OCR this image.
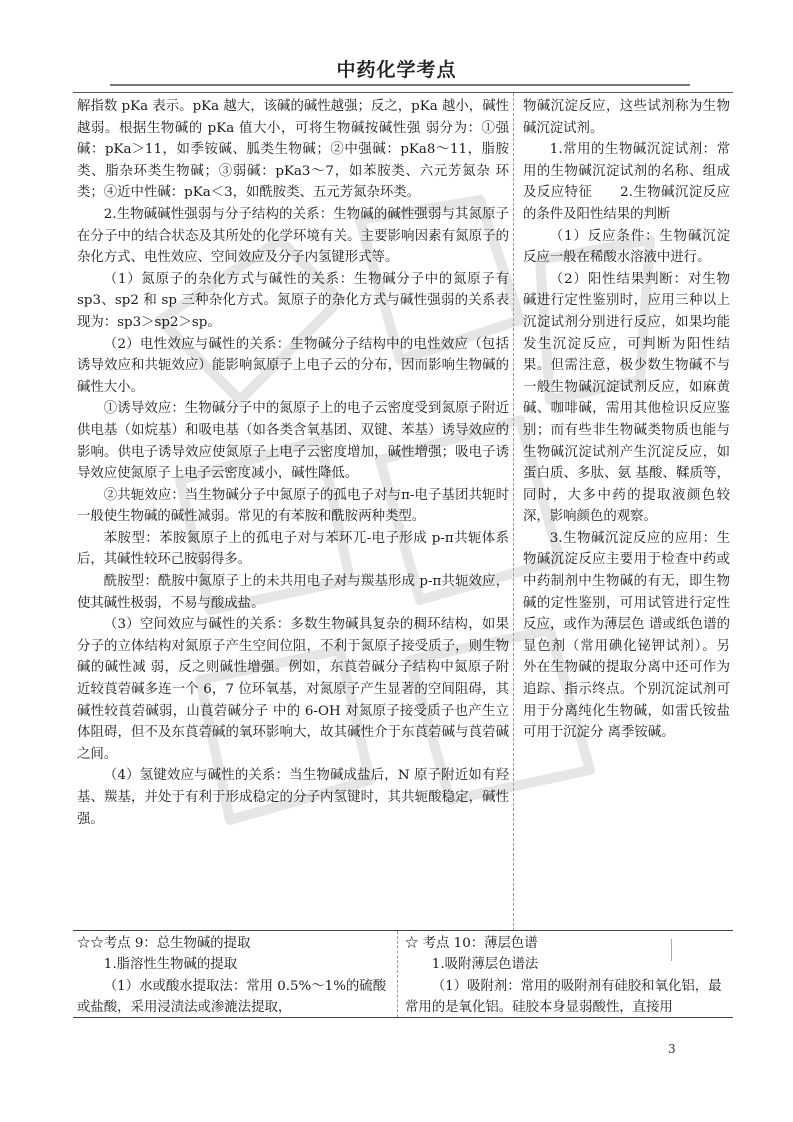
中药化学考点

解指数 pKa 表示。pKa 越大，该碱的碱性越强；反之，pKa 越小，碱性越弱。根据生物碱的 pKa 值大小，可将生物碱按碱性强 弱分为：①强碱：pKa＞11，如季铵碱、胍类生物碱；②中强碱：pKa8～11，脂胺类、脂杂环类生物碱；③弱碱：pKa3～7，如苯胺类、六元芳氮杂 环类；④近中性碱：pKa＜3，如酰胺类、五元芳氮杂环类。

2.生物碱碱性强弱与分子结构的关系：生物碱的碱性强弱与其氮原子在分子中的结合状态及其所处的化学环境有关。主要影响因素有氮原子的杂化方式、电性效应、空间效应及分子内氢键形式等。

（1）氮原子的杂化方式与碱性的关系：生物碱分子中的氮原子有 sp3、sp2 和 sp 三种杂化方式。氮原子的杂化方式与碱性强弱的关系表现为：sp3＞sp2＞sp。

（2）电性效应与碱性的关系：生物碱分子结构中的电性效应（包括诱导效应和共轭效应）能影响氮原子上电子云的分布，因而影响生物碱的碱性大小。

①诱导效应：生物碱分子中的氮原子上的电子云密度受到氮原子附近供电基（如烷基）和吸电基（如各类含氧基团、双键、苯基）诱导效应的影响。供电子诱导效应使氮原子上电子云密度增加，碱性增强；吸电子诱导效应使氮原子上电子云密度减小，碱性降低。

②共轭效应：当生物碱分子中氮原子的孤电子对与π-电子基团共轭时一般使生物碱的碱性减弱。常见的有苯胺和酰胺两种类型。

苯胺型：苯胺氮原子上的孤电子对与苯环兀-电子形成 p-π共轭体系后，其碱性较环己胺弱得多。

酰胺型：酰胺中氮原子上的未共用电子对与羰基形成 p-π共轭效应，使其碱性极弱，不易与酸成盐。

（3）空间效应与碱性的关系：多数生物碱具复杂的稠环结构，如果分子的立体结构对氮原子产生空间位阻，不利于氮原子接受质子，则生物碱的碱性减 弱，反之则碱性增强。例如，东莨菪碱分子结构中氮原子附近较莨菪碱多连一个 6，7 位环氧基，对氮原子产生显著的空间阻碍，其碱性较莨菪碱弱，山莨菪碱分子 中的 6-OH 对氮原子接受质子也产生立体阻碍，但不及东莨菪碱的氧环影响大，故其碱性介于东莨菪碱与莨菪碱之间。

（4）氢键效应与碱性的关系：当生物碱成盐后，N 原子附近如有羟基、羰基，并处于有利于形成稳定的分子内氢键时，其共轭酸稳定，碱性强。

物碱沉淀反应，这些试剂称为生物碱沉淀试剂。

1.常用的生物碱沉淀试剂：常用的生物碱沉淀试剂的名称、组成及反应特征　　2.生物碱沉淀反应的条件及阳性结果的判断

（1）反应条件：生物碱沉淀反应一般在稀酸水溶液中进行。

（2）阳性结果判断：对生物碱进行定性鉴别时，应用三种以上沉淀试剂分别进行反应，如果均能发生沉淀反应，可判断为阳性结果。但需注意，极少数生物碱不与一般生物碱沉淀试剂反应，如麻黄碱、咖啡碱，需用其他检识反应鉴别；而有些非生物碱类物质也能与生物碱沉淀试剂产生沉淀反应，如蛋白质、多肽、氨 基酸、鞣质等，同时，大多中药的提取液颜色较深，影响颜色的观察。

3.生物碱沉淀反应的应用：生物碱沉淀反应主要用于检查中药或中药制剂中生物碱的有无，即生物碱的定性鉴别，可用试管进行定性反应，或作为薄层色 谱或纸色谱的显色剂（常用碘化铋钾试剂）。另外在生物碱的提取分离中还可作为追踪、指示终点。个别沉淀试剂可用于分离纯化生物碱，如雷氏铵盐可用于沉淀分 离季铵碱。

☆☆考点 9：总生物碱的提取

1.脂溶性生物碱的提取

（1）水或酸水提取法：常用 0.5%～1%的硫酸或盐酸，采用浸渍法或渗漉法提取，

☆ 考点 10：薄层色谱

1.吸附薄层色谱法

（1）吸附剂：常用的吸附剂有硅胶和氧化铝，最常用的是氧化铝。硅胶本身显弱酸性，直接用

3
